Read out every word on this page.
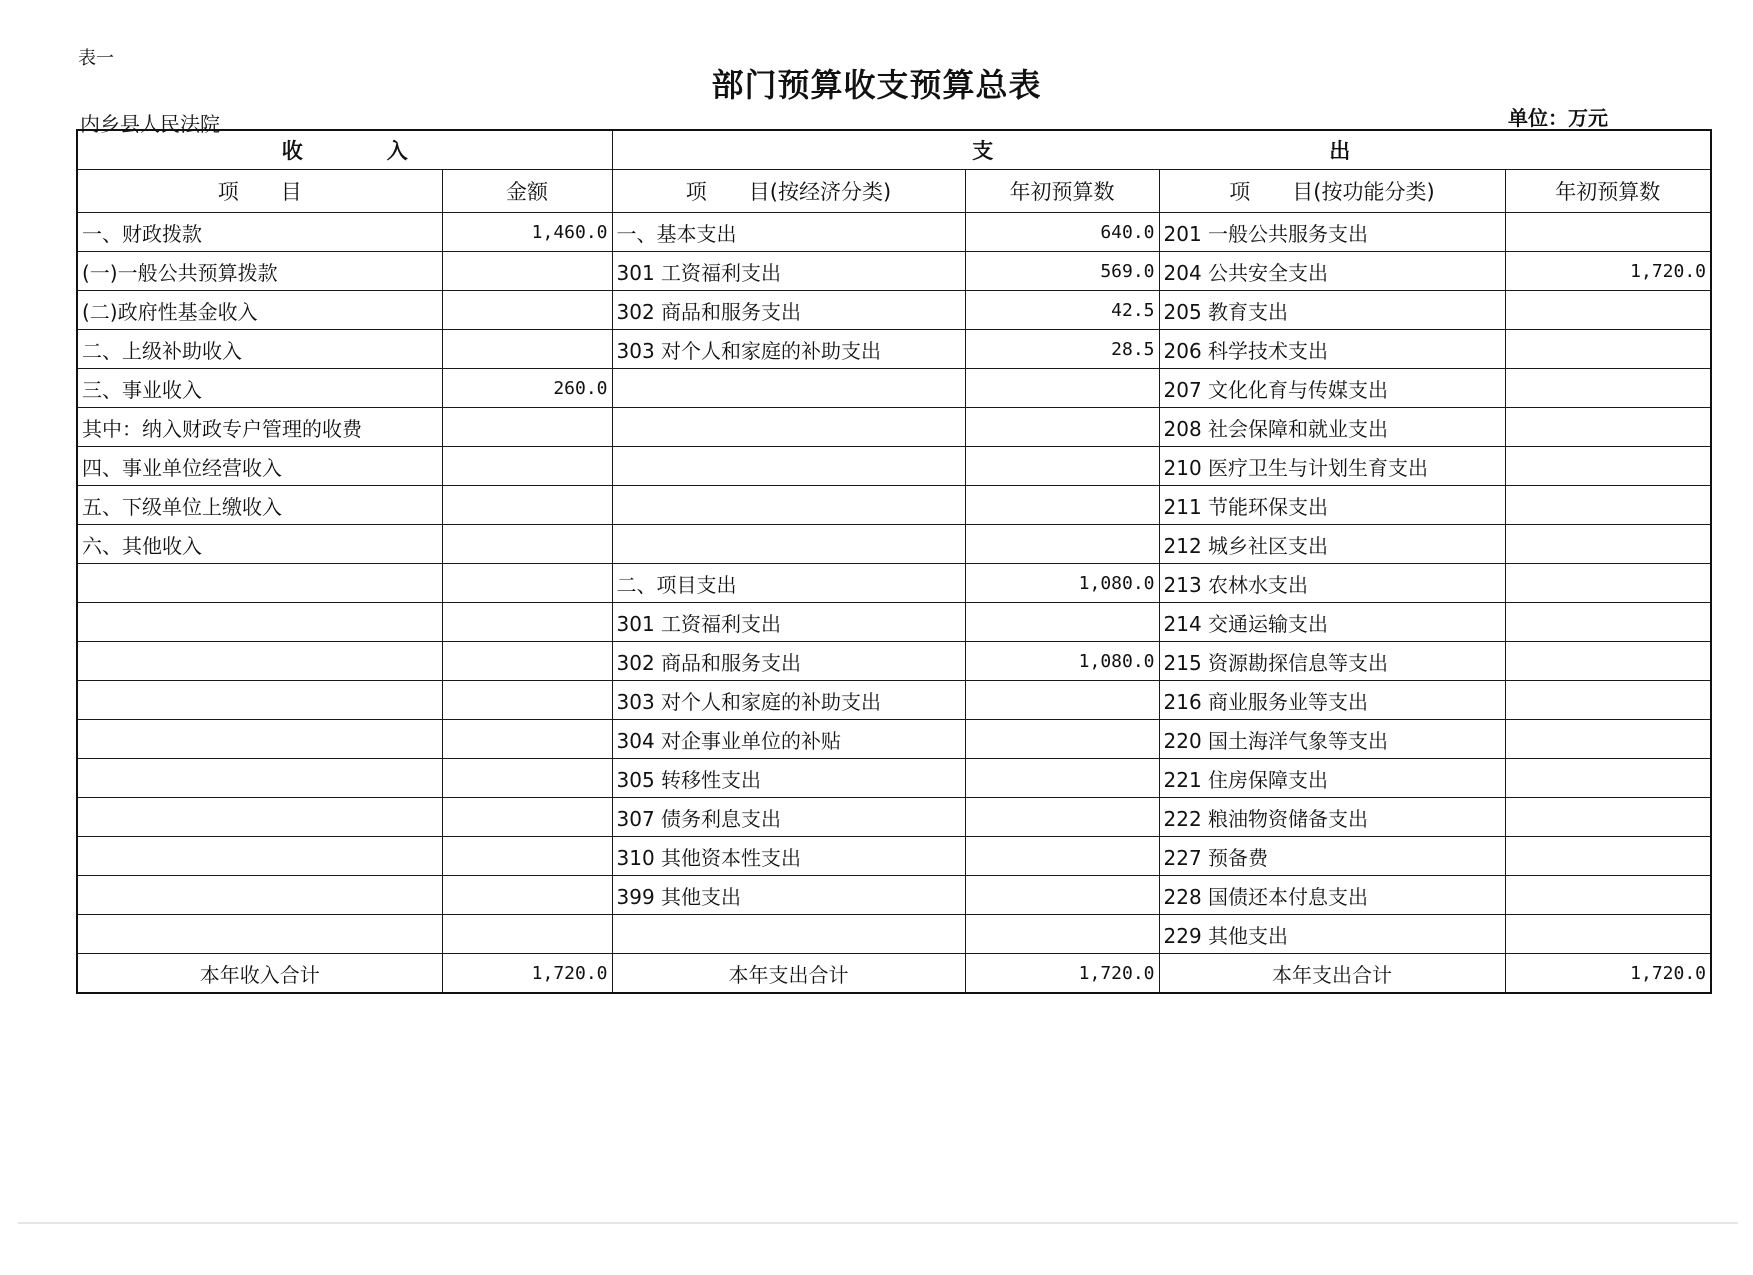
表一
部门预算收支预算总表
内乡县人民法院	单位：万元
收　　　　入		支　　　　　　　　　　　　　　　　出			
项　　目	金额	项　　目(按经济分类)	年初预算数	项　　目(按功能分类)	年初预算数
一、财政拨款	1,460.0	一、基本支出	640.0	201 一般公共服务支出	
(一)一般公共预算拨款		301 工资福利支出	569.0	204 公共安全支出	1,720.0
(二)政府性基金收入		302 商品和服务支出	42.5	205 教育支出	
二、上级补助收入		303 对个人和家庭的补助支出	28.5	206 科学技术支出	
三、事业收入	260.0			207 文化化育与传媒支出	
其中：纳入财政专户管理的收费				208 社会保障和就业支出	
四、事业单位经营收入				210 医疗卫生与计划生育支出	
五、下级单位上缴收入				211 节能环保支出	
六、其他收入				212 城乡社区支出	
		二、项目支出	1,080.0	213 农林水支出	
		301 工资福利支出		214 交通运输支出	
		302 商品和服务支出	1,080.0	215 资源勘探信息等支出	
		303 对个人和家庭的补助支出		216 商业服务业等支出	
		304 对企事业单位的补贴		220 国土海洋气象等支出	
		305 转移性支出		221 住房保障支出	
		307 债务利息支出		222 粮油物资储备支出	
		310 其他资本性支出		227 预备费	
		399 其他支出		228 国债还本付息支出	
				229 其他支出	
本年收入合计	1,720.0	本年支出合计	1,720.0	本年支出合计	1,720.0
